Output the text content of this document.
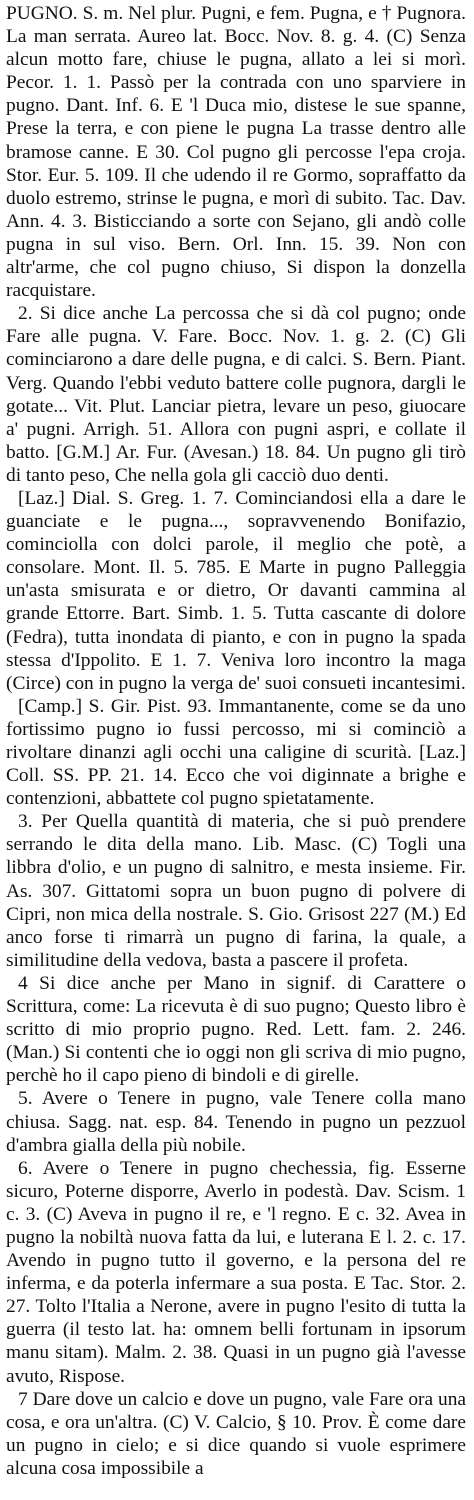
PUGNO. S. m. Nel plur. Pugni, e fem. Pugna, e † Pugnora. La man serrata. Aureo lat. Bocc. Nov. 8. g. 4. (C) Senza alcun motto fare, chiuse le pugna, allato a lei si morì. Pecor. 1. 1. Passò per la contrada con uno sparviere in pugno. Dant. Inf. 6. E 'l Duca mio, distese le sue spanne, Prese la terra, e con piene le pugna La trasse dentro alle bramose canne. E 30. Col pugno gli percosse l'epa croja. Stor. Eur. 5. 109. Il che udendo il re Gormo, sopraffatto da duolo estremo, strinse le pugna, e morì di subito. Tac. Dav. Ann. 4. 3. Bisticciando a sorte con Sejano, gli andò colle pugna in sul viso. Bern. Orl. Inn. 15. 39. Non con altr'arme, che col pugno chiuso, Si dispon la donzella racquistare.

2. Si dice anche La percossa che si dà col pugno; onde Fare alle pugna. V. Fare. Bocc. Nov. 1. g. 2. (C) Gli cominciarono a dare delle pugna, e di calci. S. Bern. Piant. Verg. Quando l'ebbi veduto battere colle pugnora, dargli le gotate... Vit. Plut. Lanciar pietra, levare un peso, giuocare a' pugni. Arrigh. 51. Allora con pugni aspri, e collate il batto. [G.M.] Ar. Fur. (Avesan.) 18. 84. Un pugno gli tirò di tanto peso, Che nella gola gli cacciò duo denti.

[Laz.] Dial. S. Greg. 1. 7. Cominciandosi ella a dare le guanciate e le pugna..., sopravvenendo Bonifazio, cominciolla con dolci parole, il meglio che potè, a consolare. Mont. Il. 5. 785. E Marte in pugno Palleggia un'asta smisurata e or dietro, Or davanti cammina al grande Ettorre. Bart. Simb. 1. 5. Tutta cascante di dolore (Fedra), tutta inondata di pianto, e con in pugno la spada stessa d'Ippolito. E 1. 7. Veniva loro incontro la maga (Circe) con in pugno la verga de' suoi consueti incantesimi.

[Camp.] S. Gir. Pist. 93. Immantanente, come se da uno fortissimo pugno io fussi percosso, mi si cominciò a rivoltare dinanzi agli occhi una caligine di scurità. [Laz.] Coll. SS. PP. 21. 14. Ecco che voi diginnate a brighe e contenzioni, abbattete col pugno spietatamente.

3. Per Quella quantità di materia, che si può prendere serrando le dita della mano. Lib. Masc. (C) Togli una libbra d'olio, e un pugno di salnitro, e mesta insieme. Fir. As. 307. Gittatomi sopra un buon pugno di polvere di Cipri, non mica della nostrale. S. Gio. Grisost 227 (M.) Ed anco forse ti rimarrà un pugno di farina, la quale, a similitudine della vedova, basta a pascere il profeta.

4 Si dice anche per Mano in signif. di Carattere o Scrittura, come: La ricevuta è di suo pugno; Questo libro è scritto di mio proprio pugno. Red. Lett. fam. 2. 246. (Man.) Si contenti che io oggi non gli scriva di mio pugno, perchè ho il capo pieno di bindoli e di girelle.

5. Avere o Tenere in pugno, vale Tenere colla mano chiusa. Sagg. nat. esp. 84. Tenendo in pugno un pezzuol d'ambra gialla della più nobile.

6. Avere o Tenere in pugno chechessia, fig. Esserne sicuro, Poterne disporre, Averlo in podestà. Dav. Scism. 1 c. 3. (C) Aveva in pugno il re, e 'l regno. E c. 32. Avea in pugno la nobiltà nuova fatta da lui, e luterana E l. 2. c. 17. Avendo in pugno tutto il governo, e la persona del re inferma, e da poterla infermare a sua posta. E Tac. Stor. 2. 27. Tolto l'Italia a Nerone, avere in pugno l'esito di tutta la guerra (il testo lat. ha: omnem belli fortunam in ipsorum manu sitam). Malm. 2. 38. Quasi in un pugno già l'avesse avuto, Rispose.

7 Dare dove un calcio e dove un pugno, vale Fare ora una cosa, e ora un'altra. (C) V. Calcio, § 10. Prov. È come dare un pugno in cielo; e si dice quando si vuole esprimere alcuna cosa impossibile a
